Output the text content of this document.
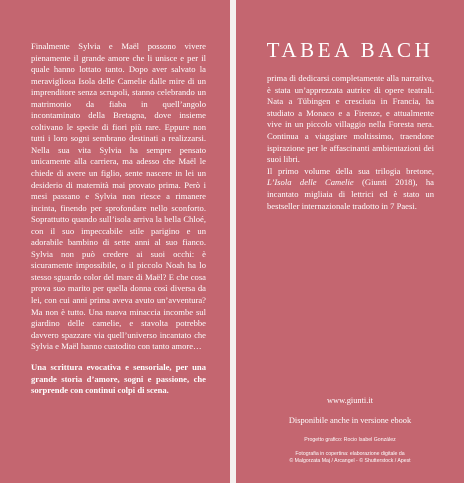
Finalmente Sylvia e Maël possono vivere pienamente il grande amore che li unisce e per il quale hanno lottato tanto. Dopo aver salvato la meravigliosa Isola delle Camelie dalle mire di un imprenditore senza scrupoli, stanno celebrando un matrimonio da fiaba in quell’angolo incontaminato della Bretagna, dove insieme coltivano le specie di fiori più rare. Eppure non tutti i loro sogni sembrano destinati a realizzarsi. Nella sua vita Sylvia ha sempre pensato unicamente alla carriera, ma adesso che Maël le chiede di avere un figlio, sente nascere in lei un desiderio di maternità mai provato prima. Però i mesi passano e Sylvia non riesce a rimanere incinta, finendo per sprofondare nello sconforto. Soprattutto quando sull’isola arriva la bella Chloé, con il suo impeccabile stile parigino e un adorabile bambino di sette anni al suo fianco. Sylvia non può credere ai suoi occhi: è sicuramente impossibile, o il piccolo Noah ha lo stesso sguardo color del mare di Maël? E che cosa prova suo marito per quella donna così diversa da lei, con cui anni prima aveva avuto un’avventura? Ma non è tutto. Una nuova minaccia incombe sul giardino delle camelie, e stavolta potrebbe davvero spazzare via quell’universo incantato che Sylvia e Maël hanno custodito con tanto amore…

Una scrittura evocativa e sensoriale, per una grande storia d’amore, sogni e passione, che sorprende con continui colpi di scena.

TABEA BACH

prima di dedicarsi completamente alla narrativa, è stata un’apprezzata autrice di opere teatrali. Nata a Tübingen e cresciuta in Francia, ha studiato a Monaco e a Firenze, e attualmente vive in un piccolo villaggio nella Foresta nera. Continua a viaggiare moltissimo, traendone ispirazione per le affascinanti ambientazioni dei suoi libri.

Il primo volume della sua trilogia bretone, L’Isola delle Camelie (Giunti 2018), ha incantato migliaia di lettrici ed è stato un bestseller internazionale tradotto in 7 Paesi.

www.giunti.it
Disponibile anche in versione ebook
Progetto grafico: Rocio Isabel González
Fotografia in copertina: elaborazione digitale da
© Malgorzata Maj / Arcangel - © Shutterstock / Apest
